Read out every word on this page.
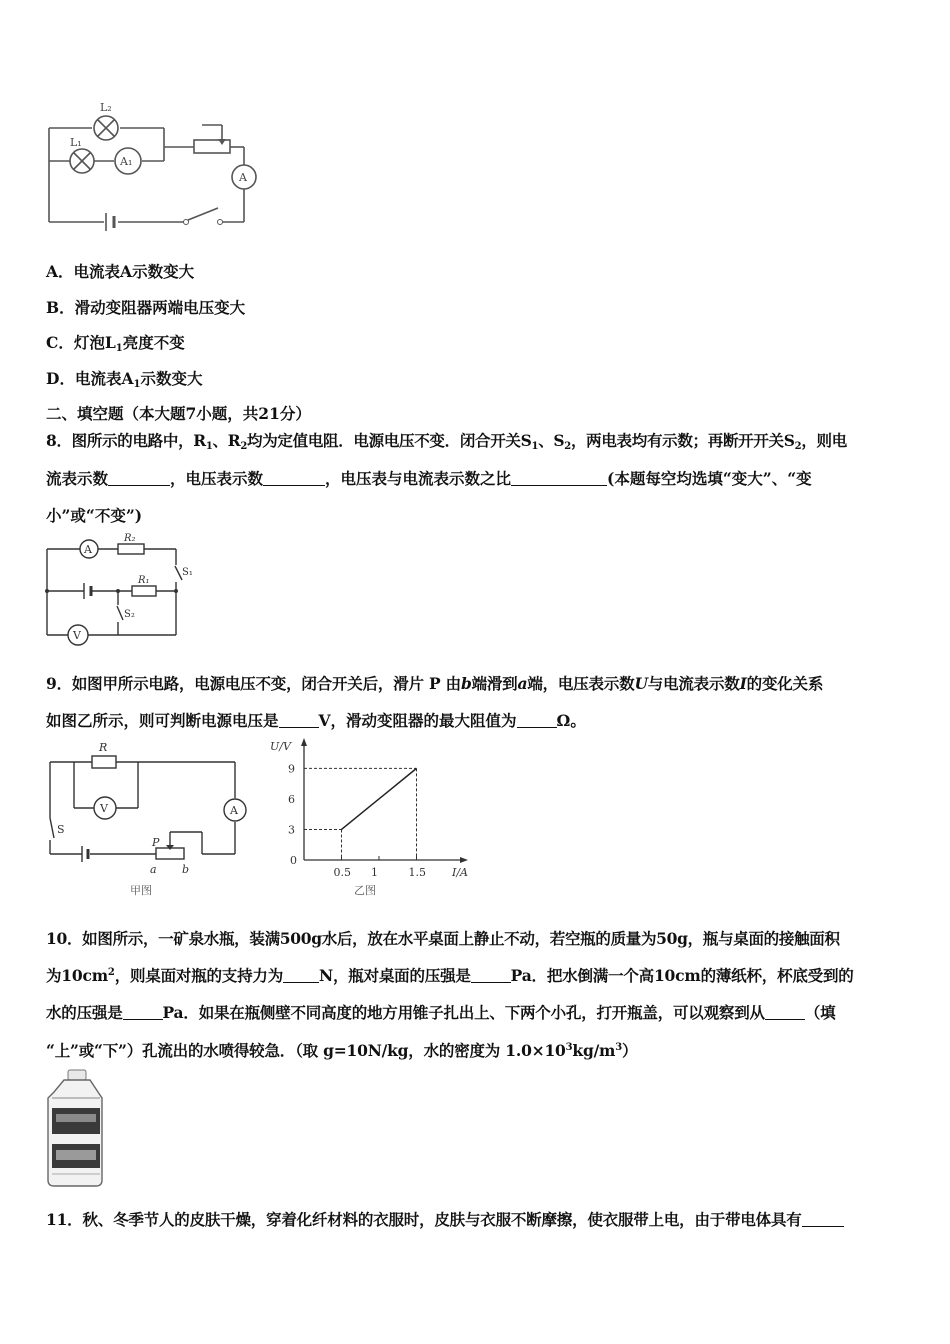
L₂
L₁
A₁
A
A．电流表A示数变大
B．滑动变阻器两端电压变大
C．灯泡$L_1$亮度不变
D．电流表$A_1$示数变大
二、填空题（本大题7小题，共21分）
8．图所示的电路中，$R_1$、$R_2$均为定值电阻．电源电压不变．闭合开关$S_1$、$S_2$，两电表均有示数；再断开开关$S_2$，则电
流表示数	，电压表示数	，电压表与电流表示数之比	(本题每空均选填“变大”、“变
小”或“不变”)
A
V
R₂
R₁
S₁
S₂
9．如图甲所示电路，电源电压不变，闭合开关后，滑片 P 由b端滑到a端，电压表示数U与电流表示数I的变化关系
如图乙所示，则可判断电源电压是	V，滑动变阻器的最大阻值为	Ω。
R
V	A
S
P
a b
甲图
0
0.5 1	1.5
3
6
9
U/V
I/A
乙图
10．如图所示，一矿泉水瓶，装满500g水后，放在水平桌面上静止不动，若空瓶的质量为50g，瓶与桌面的接触面积
为$10cm^2$，则桌面对瓶的支持力为 N，瓶对桌面的压强是	Pa．把水倒满一个高10cm的薄纸杯，杯底受到的
水的压强是	Pa．如果在瓶侧壁不同高度的地方用锥子扎出上、下两个小孔，打开瓶盖，可以观察到从	（填
“上”或“下”）孔流出的水喷得较急．（取 g=10N/kg，水的密度为 $1.0\times 10^3kg/m^3$）
11．秋、冬季节人的皮肤干燥，穿着化纤材料的衣服时，皮肤与衣服不断摩擦，使衣服带上电，由于带电体具有
